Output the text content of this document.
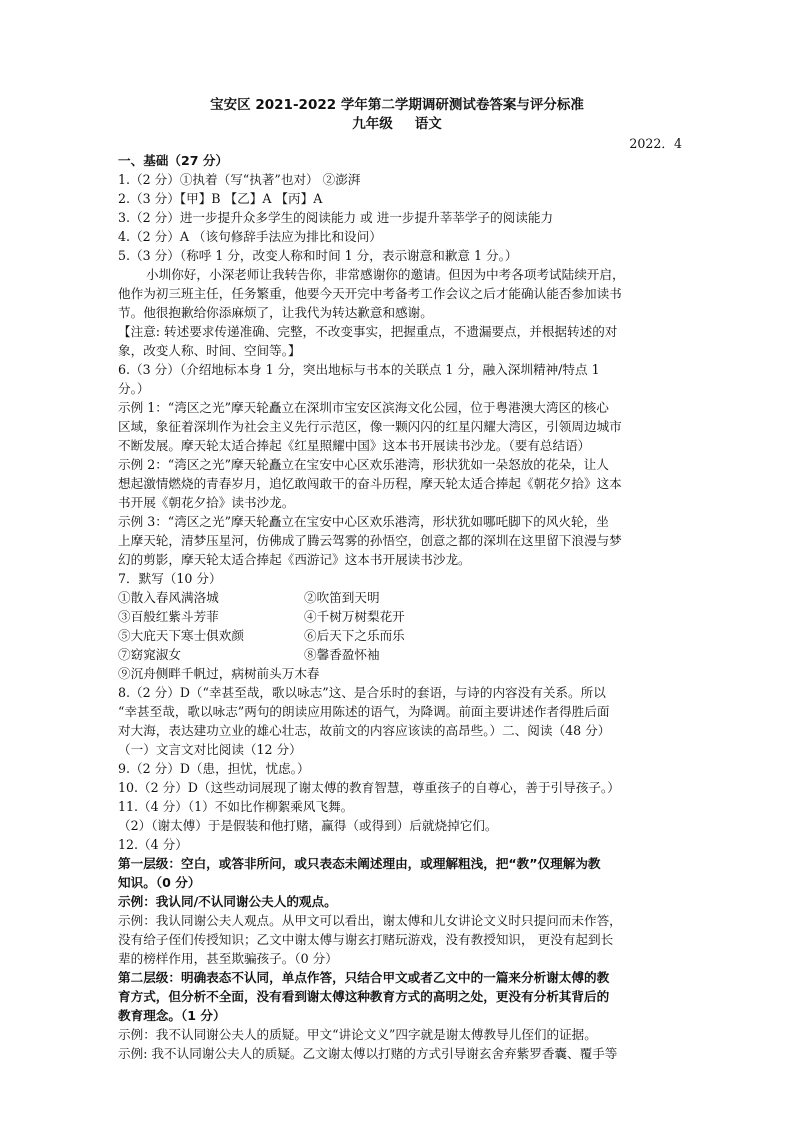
宝安区 2021-2022 学年第二学期调研测试卷答案与评分标准
九年级 语文
2022．4
一、基础（27 分）
1.（2 分）①执着（写“执著”也对） ②澎湃
2.（3 分）【甲】B 【乙】A 【丙】A
3.（2 分）进一步提升众多学生的阅读能力 或 进一步提升莘莘学子的阅读能力
4.（2 分）A （该句修辞手法应为排比和设问）
5.（3 分）（称呼 1 分，改变人称和时间 1 分，表示谢意和歉意 1 分。）
小圳你好，小深老师让我转告你，非常感谢你的邀请。但因为中考各项考试陆续开启，
他作为初三班主任，任务繁重，他要今天开完中考备考工作会议之后才能确认能否参加读书
节。他很抱歉给你添麻烦了，让我代为转达歉意和感谢。
【注意: 转述要求传递准确、完整，不改变事实，把握重点，不遗漏要点，并根据转述的对
象，改变人称、时间、空间等。】
6.（3 分）（介绍地标本身 1 分，突出地标与书本的关联点 1 分，融入深圳精神/特点 1
分。）
示例 1：“湾区之光”摩天轮矗立在深圳市宝安区滨海文化公园，位于粤港澳大湾区的核心
区域，象征着深圳作为社会主义先行示范区，像一颗闪闪的红星闪耀大湾区，引领周边城市
不断发展。摩天轮太适合捧起《红星照耀中国》这本书开展读书沙龙。（要有总结语）
示例 2：“湾区之光”摩天轮矗立在宝安中心区欢乐港湾，形状犹如一朵怒放的花朵，让人
想起激情燃烧的青春岁月，追忆敢闯敢干的奋斗历程，摩天轮太适合捧起《朝花夕拾》这本
书开展《朝花夕拾》读书沙龙。
示例 3：“湾区之光”摩天轮矗立在宝安中心区欢乐港湾，形状犹如哪吒脚下的风火轮，坐
上摩天轮，清梦压星河，仿佛成了腾云驾雾的孙悟空，创意之都的深圳在这里留下浪漫与梦
幻的剪影，摩天轮太适合捧起《西游记》这本书开展读书沙龙。
7．默写（10 分）
①散入春风满洛城	②吹笛到天明
③百般红紫斗芳菲	④千树万树梨花开
⑤大庇天下寒士俱欢颜	⑥后天下之乐而乐
⑦窈窕淑女	⑧馨香盈怀袖
⑨沉舟侧畔千帆过，病树前头万木春
8.（2 分）D（“幸甚至哉，歌以咏志”这、是合乐时的套语，与诗的内容没有关系。所以
“幸甚至哉，歌以咏志”两句的朗读应用陈述的语气，为降调。前面主要讲述作者得胜后面
对大海，表达建功立业的雄心壮志，故前文的内容应该读的高昂些。）二、阅读（48 分）
（一）文言文对比阅读（12 分）
9.（2 分）D（患，担忧，忧虑。）
10.（2 分）D（这些动词展现了谢太傅的教育智慧，尊重孩子的自尊心，善于引导孩子。）
11.（4 分）（1）不如比作柳絮乘风飞舞。
（2）（谢太傅）于是假装和他打赌，赢得（或得到）后就烧掉它们。
12.（4 分）
第一层级：空白，或答非所问，或只表态未阐述理由，或理解粗浅，把“教”仅理解为教
知识。（0 分）
示例：我认同/不认同谢公夫人的观点。
示例：我认同谢公夫人观点。从甲文可以看出，谢太傅和儿女讲论文义时只提问而未作答，
没有给子侄们传授知识；乙文中谢太傅与谢玄打赌玩游戏，没有教授知识， 更没有起到长
辈的榜样作用，甚至欺骗孩子。（0 分）
第二层级：明确表态不认同，单点作答，只结合甲文或者乙文中的一篇来分析谢太傅的教
育方式，但分析不全面，没有看到谢太傅这种教育方式的高明之处，更没有分析其背后的
教育理念。（1 分）
示例：我不认同谢公夫人的质疑。甲文“讲论文义”四字就是谢太傅教导儿侄们的证据。
示例: 我不认同谢公夫人的质疑。乙文谢太傅以打赌的方式引导谢玄舍弃紫罗香囊、覆手等
